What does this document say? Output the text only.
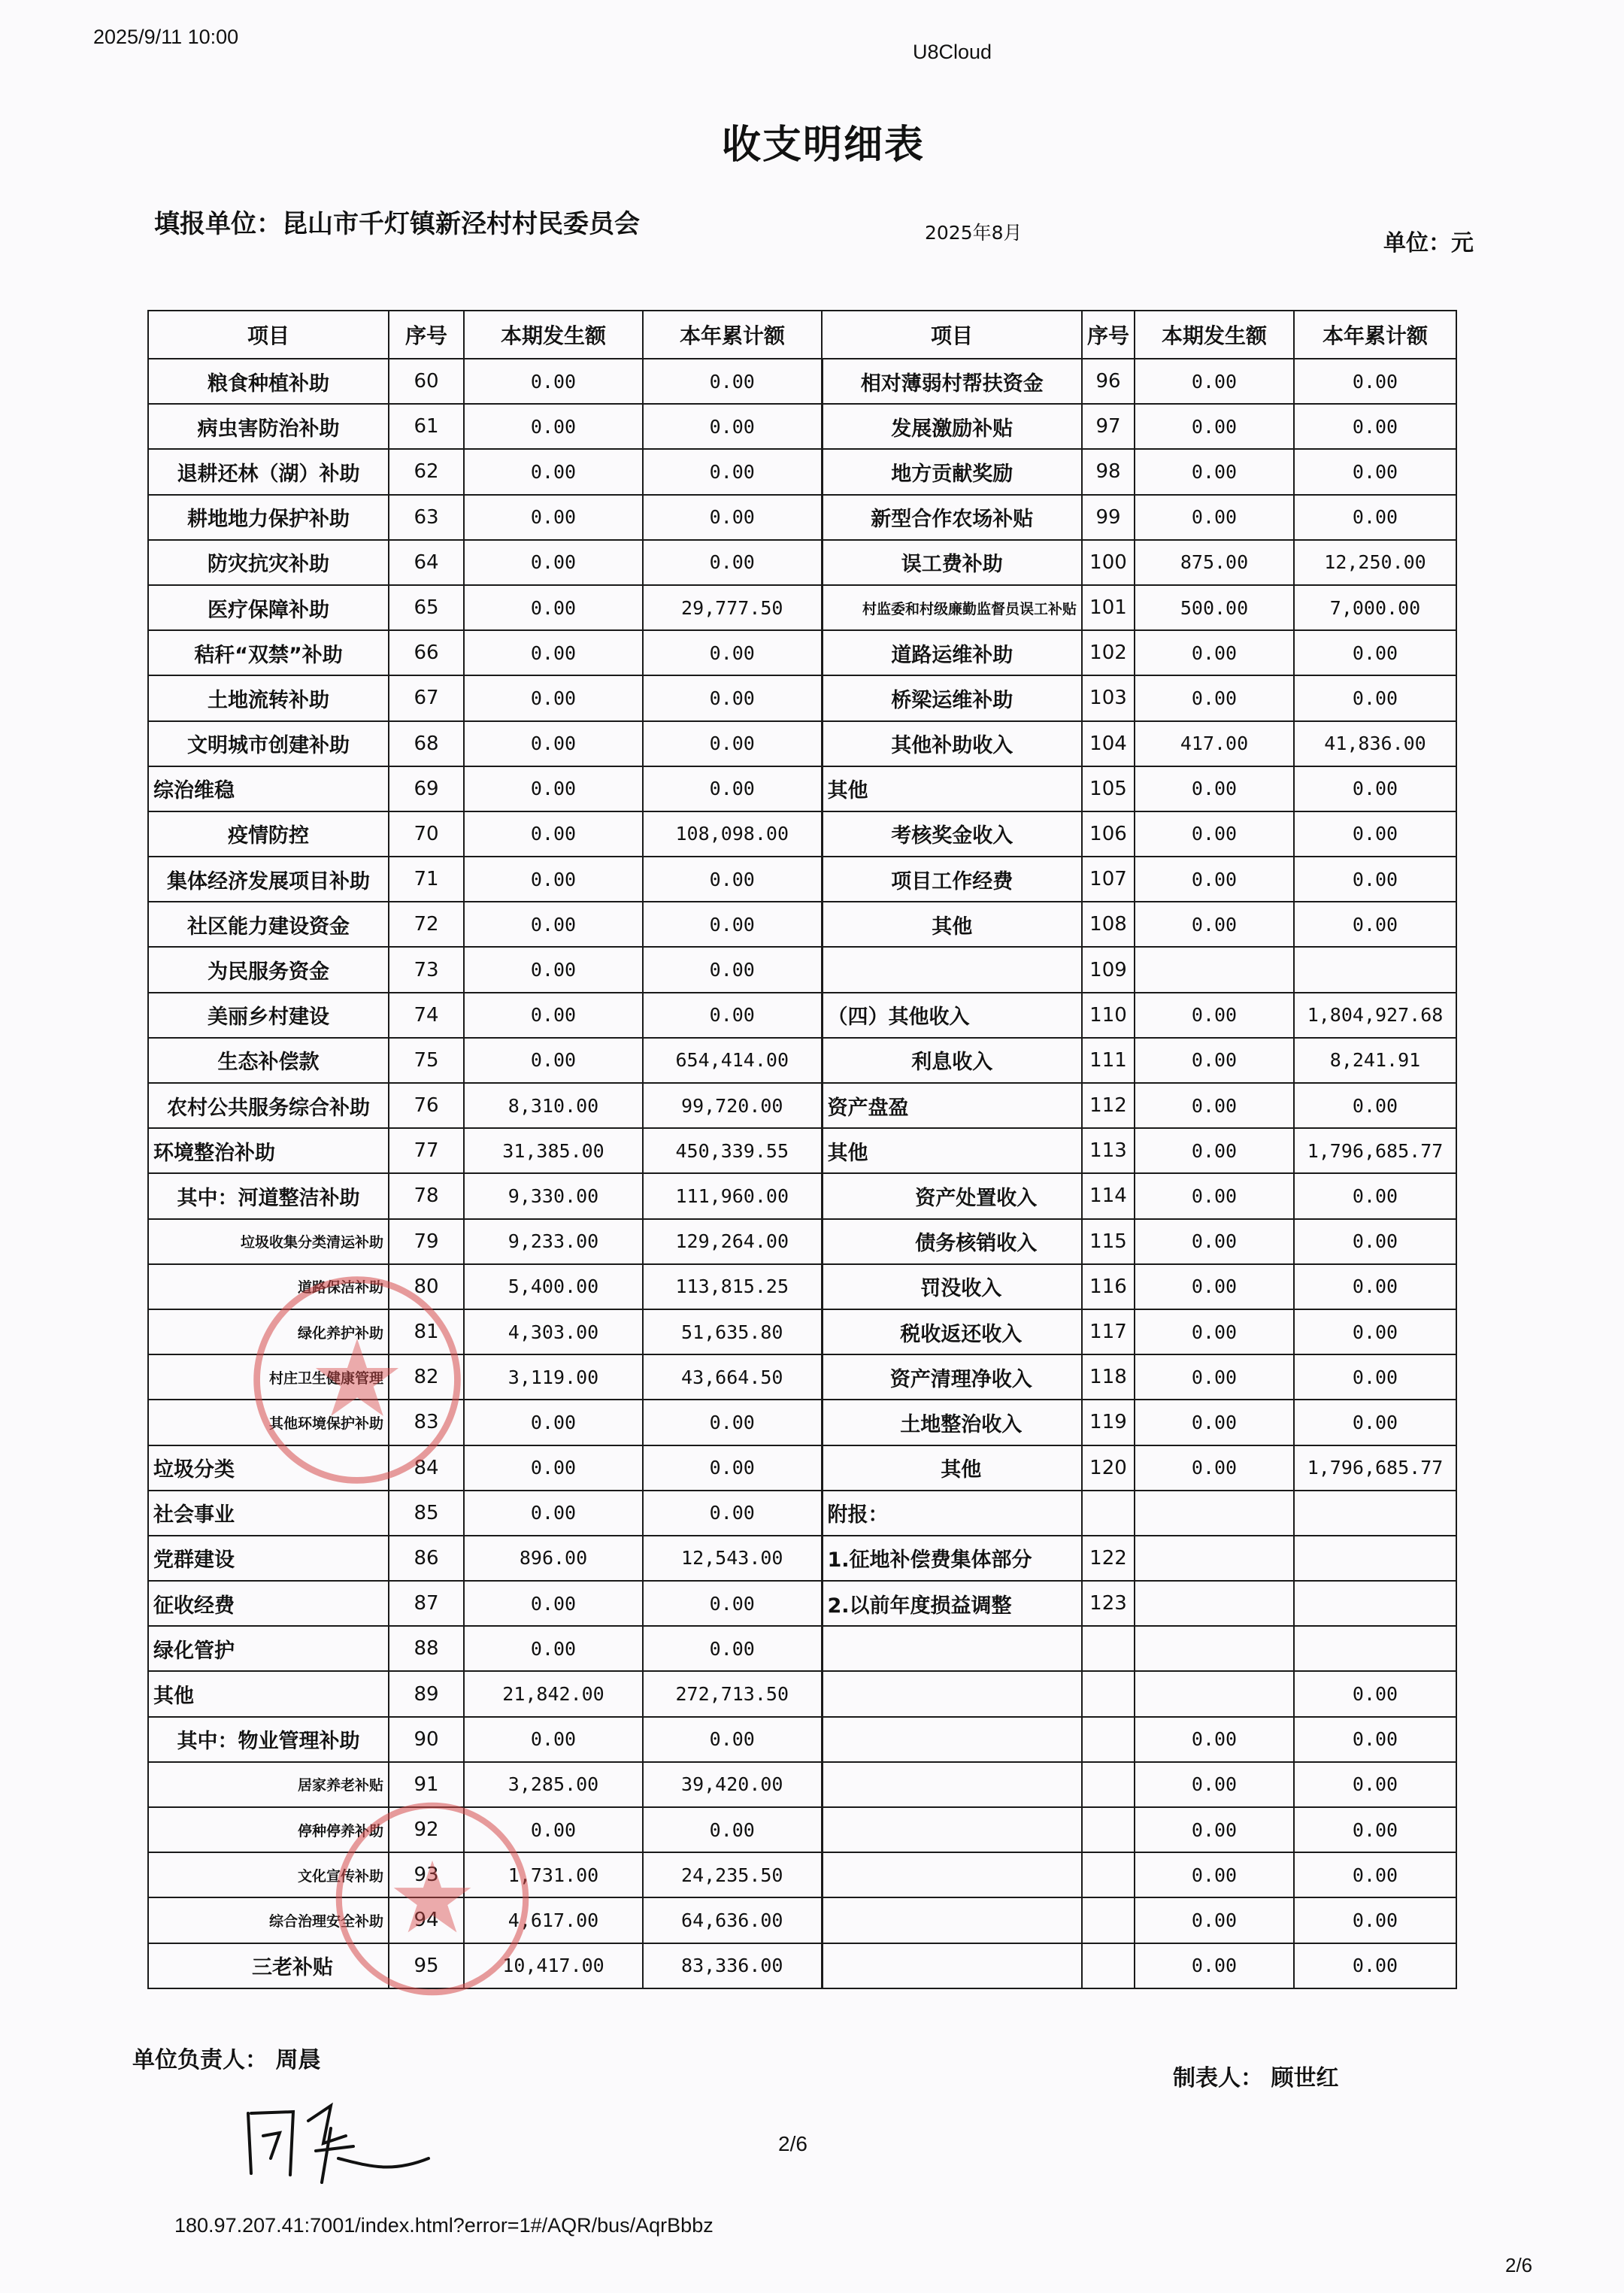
2025/9/11 10:00
U8Cloud
收支明细表
填报单位：昆山市千灯镇新泾村村民委员会	2025年8月	单位：元
项目	序号	本期发生额	本年累计额	项目	序号	本期发生额	本年累计额
粮食种植补助	60	0.00	0.00	相对薄弱村帮扶资金	96	0.00	0.00
病虫害防治补助	61	0.00	0.00	发展激励补贴	97	0.00	0.00
退耕还林（湖）补助	62	0.00	0.00	地方贡献奖励	98	0.00	0.00
耕地地力保护补助	63	0.00	0.00	新型合作农场补贴	99	0.00	0.00
防灾抗灾补助	64	0.00	0.00	误工费补助	100	875.00	12,250.00
医疗保障补助	65	0.00	29,777.50	村监委和村级廉勤监督员误工补贴	101	500.00	7,000.00
秸秆“双禁”补助	66	0.00	0.00	道路运维补助	102	0.00	0.00
土地流转补助	67	0.00	0.00	桥梁运维补助	103	0.00	0.00
文明城市创建补助	68	0.00	0.00	其他补助收入	104	417.00	41,836.00
综治维稳	69	0.00	0.00	其他	105	0.00	0.00
疫情防控	70	0.00	108,098.00	考核奖金收入	106	0.00	0.00
集体经济发展项目补助	71	0.00	0.00	项目工作经费	107	0.00	0.00
社区能力建设资金	72	0.00	0.00	其他	108	0.00	0.00
为民服务资金	73	0.00	0.00		109		
美丽乡村建设	74	0.00	0.00	（四）其他收入	110	0.00	1,804,927.68
生态补偿款	75	0.00	654,414.00	利息收入	111	0.00	8,241.91
农村公共服务综合补助	76	8,310.00	99,720.00	资产盘盈	112	0.00	0.00
环境整治补助	77	31,385.00	450,339.55	其他	113	0.00	1,796,685.77
其中：河道整洁补助	78	9,330.00	111,960.00	资产处置收入	114	0.00	0.00
垃圾收集分类清运补助	79	9,233.00	129,264.00	债务核销收入	115	0.00	0.00
道路保洁补助	80	5,400.00	113,815.25	罚没收入	116	0.00	0.00
绿化养护补助	81	4,303.00	51,635.80	税收返还收入	117	0.00	0.00
村庄卫生健康管理	82	3,119.00	43,664.50	资产清理净收入	118	0.00	0.00
其他环境保护补助	83	0.00	0.00	土地整治收入	119	0.00	0.00
垃圾分类	84	0.00	0.00	其他	120	0.00	1,796,685.77
社会事业	85	0.00	0.00	附报：			
党群建设	86	896.00	12,543.00	1.征地补偿费集体部分	122		
征收经费	87	0.00	0.00	2.以前年度损益调整	123		
绿化管护	88	0.00	0.00				
其他	89	21,842.00	272,713.50				0.00
其中：物业管理补助	90	0.00	0.00			0.00	0.00
居家养老补贴	91	3,285.00	39,420.00			0.00	0.00
停种停养补助	92	0.00	0.00			0.00	0.00
文化宣传补助	93	1,731.00	24,235.50			0.00	0.00
综合治理安全补助	94	4,617.00	64,636.00			0.00	0.00
三老补贴	95	10,417.00	83,336.00			0.00	0.00
单位负责人： 周晨
制表人： 顾世红
2/6
180.97.207.41:7001/index.html?error=1#/AQR/bus/AqrBbbz
2/6
